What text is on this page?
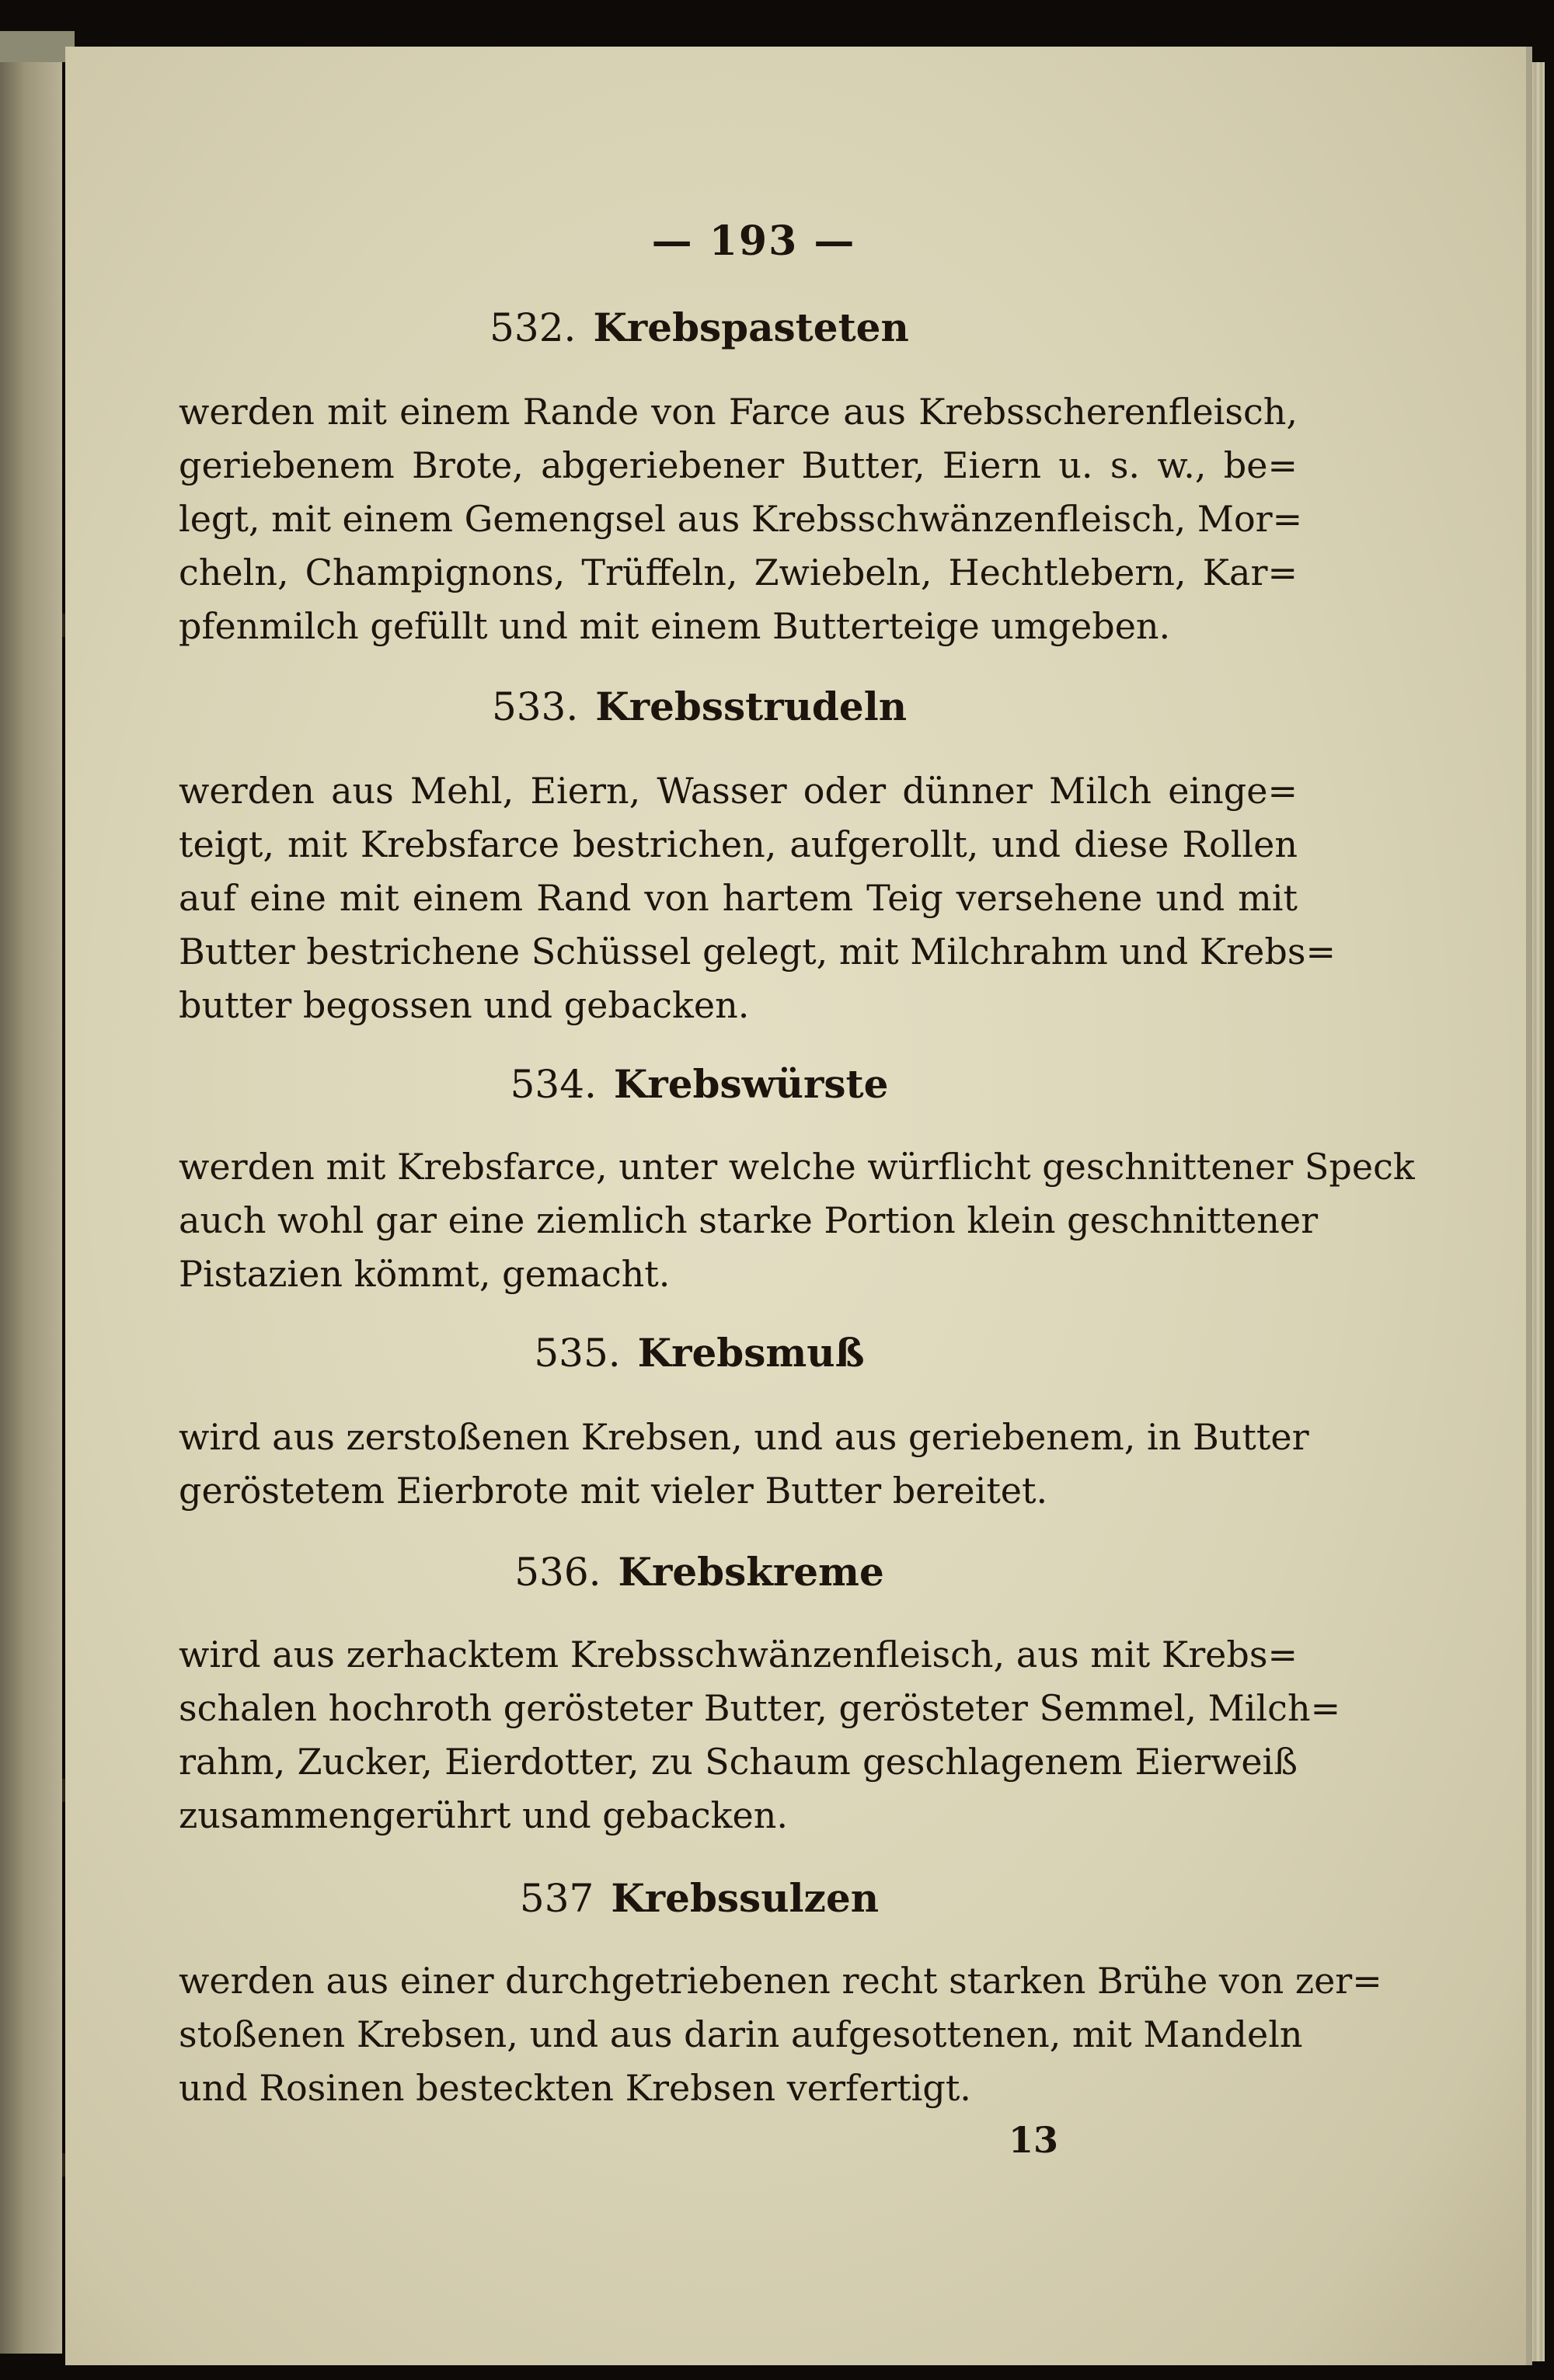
— 193 —
532. Krebspasteten
werden mit einem Rande von Farce aus Krebsscherenfleisch,
geriebenem Brote, abgeriebener Butter, Eiern u. s. w., be=
legt, mit einem Gemengsel aus Krebsschwänzenfleisch, Mor=
cheln, Champignons, Trüffeln, Zwiebeln, Hechtlebern, Kar=
pfenmilch gefüllt und mit einem Butterteige umgeben.
533. Krebsstrudeln
werden aus Mehl, Eiern, Wasser oder dünner Milch einge=
teigt, mit Krebsfarce bestrichen, aufgerollt, und diese Rollen
auf eine mit einem Rand von hartem Teig versehene und mit
Butter bestrichene Schüssel gelegt, mit Milchrahm und Krebs=
butter begossen und gebacken.
534. Krebswürste
werden mit Krebsfarce, unter welche würflicht geschnittener Speck
auch wohl gar eine ziemlich starke Portion klein geschnittener
Pistazien kömmt, gemacht.
535. Krebsmuß
wird aus zerstoßenen Krebsen, und aus geriebenem, in Butter
geröstetem Eierbrote mit vieler Butter bereitet.
536. Krebskreme
wird aus zerhacktem Krebsschwänzenfleisch, aus mit Krebs=
schalen hochroth gerösteter Butter, gerösteter Semmel, Milch=
rahm, Zucker, Eierdotter, zu Schaum geschlagenem Eierweiß
zusammengerührt und gebacken.
537 Krebssulzen
werden aus einer durchgetriebenen recht starken Brühe von zer=
stoßenen Krebsen, und aus darin aufgesottenen, mit Mandeln
und Rosinen besteckten Krebsen verfertigt.
13
